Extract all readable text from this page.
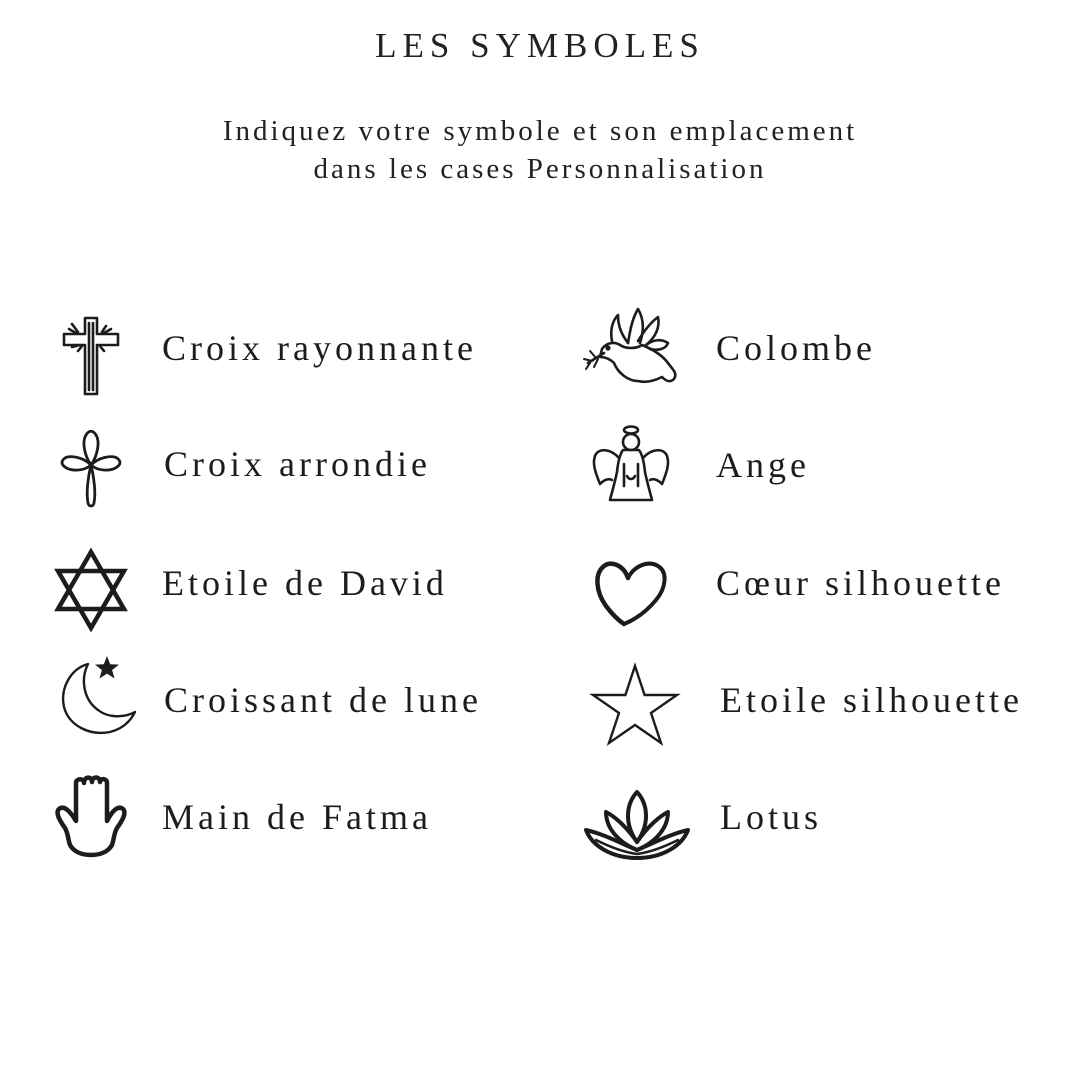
LES SYMBOLES
Indiquez votre symbole et son emplacement
dans les cases Personnalisation
Croix rayonnante
Croix arrondie
Etoile de David
Croissant de lune
Main de Fatma
Colombe
Ange
Cœur silhouette
Etoile silhouette
Lotus
